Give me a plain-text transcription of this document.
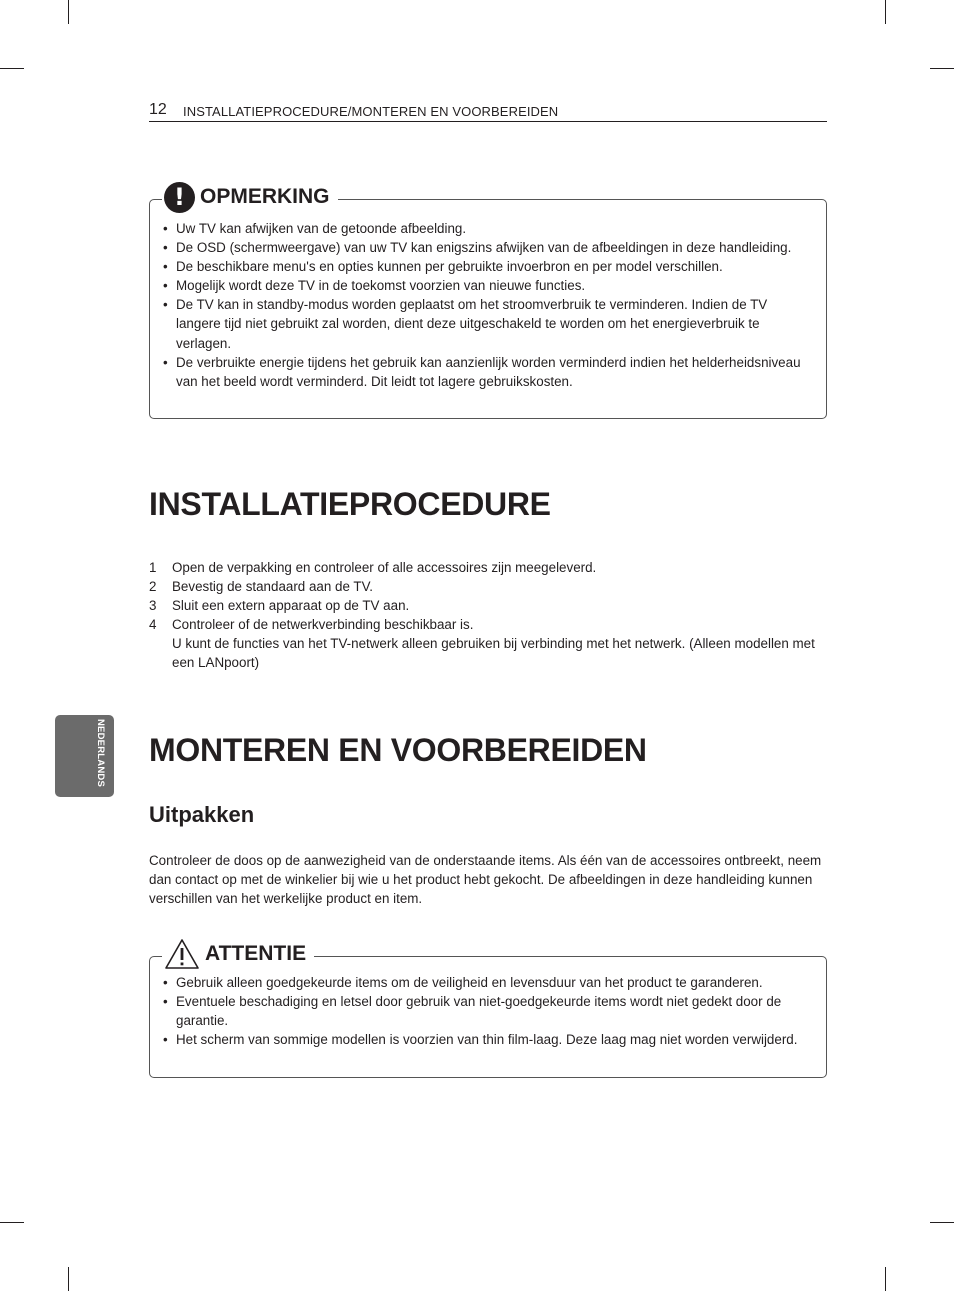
12 INSTALLATIEPROCEDURE/MONTEREN EN VOORBEREIDEN
! OPMERKING
• Uw TV kan afwijken van de getoonde afbeelding.
• De OSD (schermweergave) van uw TV kan enigszins afwijken van de afbeeldingen in deze handleiding.
• De beschikbare menu's en opties kunnen per gebruikte invoerbron en per model verschillen.
• Mogelijk wordt deze TV in de toekomst voorzien van nieuwe functies.
• De TV kan in standby-modus worden geplaatst om het stroomverbruik te verminderen. Indien de TV langere tijd niet gebruikt zal worden, dient deze uitgeschakeld te worden om het energieverbruik te verlagen.
• De verbruikte energie tijdens het gebruik kan aanzienlijk worden verminderd indien het helderheidsniveau van het beeld wordt verminderd. Dit leidt tot lagere gebruikskosten.
INSTALLATIEPROCEDURE
1 Open de verpakking en controleer of alle accessoires zijn meegeleverd.
2 Bevestig de standaard aan de TV.
3 Sluit een extern apparaat op de TV aan.
4 Controleer of de netwerkverbinding beschikbaar is.
U kunt de functies van het TV-netwerk alleen gebruiken bij verbinding met het netwerk. (Alleen modellen met een LANpoort)
NEDERLANDS MONTEREN EN VOORBEREIDEN
Uitpakken

Controleer de doos op de aanwezigheid van de onderstaande items. Als één van de accessoires ontbreekt, neem dan contact op met de winkelier bij wie u het product hebt gekocht. De afbeeldingen in deze handleiding kunnen verschillen van het werkelijke product en item.

ATTENTIE
• Gebruik alleen goedgekeurde items om de veiligheid en levensduur van het product te garanderen.
• Eventuele beschadiging en letsel door gebruik van niet-goedgekeurde items wordt niet gedekt door de garantie.
• Het scherm van sommige modellen is voorzien van thin film-laag. Deze laag mag niet worden verwijderd.
